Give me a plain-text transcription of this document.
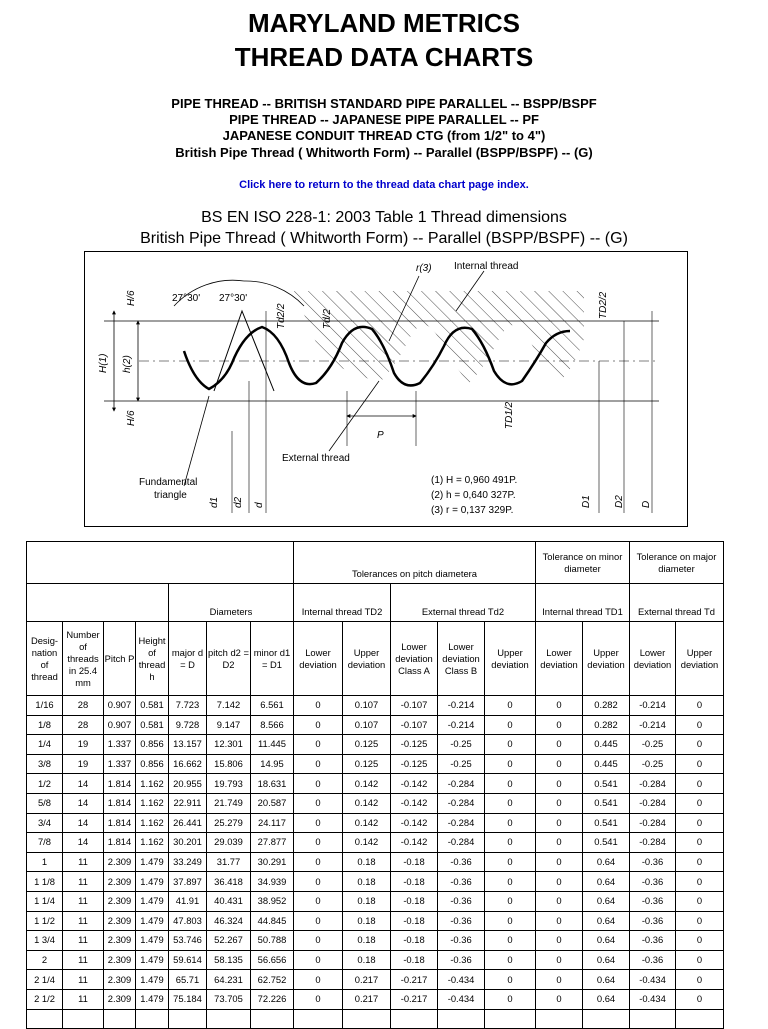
MARYLAND METRICS
THREAD DATA CHARTS
PIPE THREAD -- BRITISH STANDARD PIPE PARALLEL -- BSPP/BSPF
PIPE THREAD -- JAPANESE PIPE PARALLEL -- PF
JAPANESE CONDUIT THREAD CTG (from 1/2" to 4")
British Pipe Thread ( Whitworth Form) -- Parallel (BSPP/BSPF) -- (G)
Click here to return to the thread data chart page index.
BS EN ISO 228-1: 2003 Table 1 Thread dimensions
British Pipe Thread ( Whitworth Form) -- Parallel (BSPP/BSPF) -- (G)
27°30' 27°30'
Internal thread
External thread
Fundamental
triangle
r(3)
P
H/6
H/6
H(1) h(2)
Td2/2	Td/2	TD2/2
TD1/2
d1 d2 d	D1 D2 D
(1) H = 0,960 491P.
(2) h = 0,640 327P.
(3) r = 0,137 329P.
							Tolerances on pitch diametera					Tolerance on minor diameter		Tolerance on major diameter	
				Diameters			Internal thread TD2		External thread Td2			Internal thread TD1		External thread Td	
Desig-nation of thread	Number of threads in 25.4 mm	Pitch P	Height of thread h	major d = D	pitch d2 = D2	minor d1 = D1	Lower deviation	Upper deviation	Lower deviation Class A	Lower deviation Class B	Upper deviation	Lower deviation	Upper deviation	Lower deviation	Upper deviation
1/16	28	0.907	0.581	7.723	7.142	6.561	0	0.107	-0.107	-0.214	0	0	0.282	-0.214	0
1/8	28	0.907	0.581	9.728	9.147	8.566	0	0.107	-0.107	-0.214	0	0	0.282	-0.214	0
1/4	19	1.337	0.856	13.157	12.301	11.445	0	0.125	-0.125	-0.25	0	0	0.445	-0.25	0
3/8	19	1.337	0.856	16.662	15.806	14.95	0	0.125	-0.125	-0.25	0	0	0.445	-0.25	0
1/2	14	1.814	1.162	20.955	19.793	18.631	0	0.142	-0.142	-0.284	0	0	0.541	-0.284	0
5/8	14	1.814	1.162	22.911	21.749	20.587	0	0.142	-0.142	-0.284	0	0	0.541	-0.284	0
3/4	14	1.814	1.162	26.441	25.279	24.117	0	0.142	-0.142	-0.284	0	0	0.541	-0.284	0
7/8	14	1.814	1.162	30.201	29.039	27.877	0	0.142	-0.142	-0.284	0	0	0.541	-0.284	0
1	11	2.309	1.479	33.249	31.77	30.291	0	0.18	-0.18	-0.36	0	0	0.64	-0.36	0
1 1/8	11	2.309	1.479	37.897	36.418	34.939	0	0.18	-0.18	-0.36	0	0	0.64	-0.36	0
1 1/4	11	2.309	1.479	41.91	40.431	38.952	0	0.18	-0.18	-0.36	0	0	0.64	-0.36	0
1 1/2	11	2.309	1.479	47.803	46.324	44.845	0	0.18	-0.18	-0.36	0	0	0.64	-0.36	0
1 3/4	11	2.309	1.479	53.746	52.267	50.788	0	0.18	-0.18	-0.36	0	0	0.64	-0.36	0
2	11	2.309	1.479	59.614	58.135	56.656	0	0.18	-0.18	-0.36	0	0	0.64	-0.36	0
2 1/4	11	2.309	1.479	65.71	64.231	62.752	0	0.217	-0.217	-0.434	0	0	0.64	-0.434	0
2 1/2	11	2.309	1.479	75.184	73.705	72.226	0	0.217	-0.217	-0.434	0	0	0.64	-0.434	0
